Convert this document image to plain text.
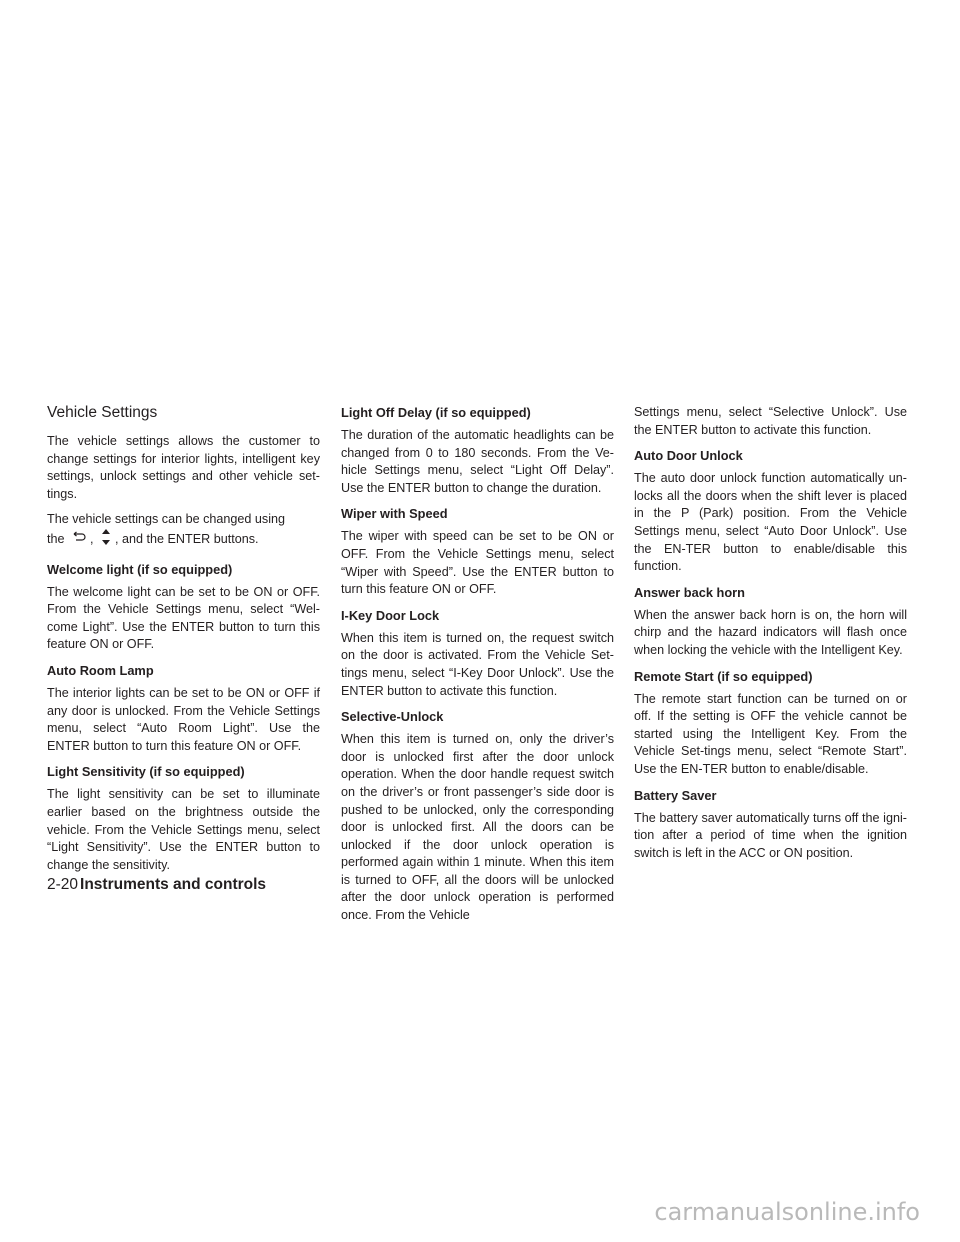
Vehicle Settings

The vehicle settings allows the customer to change settings for interior lights, intelligent key settings, unlock settings and other vehicle set-tings.

The vehicle settings can be changed using
the , , and the ENTER buttons.

Welcome light (if so equipped)

The welcome light can be set to be ON or OFF. From the Vehicle Settings menu, select “Wel-come Light”. Use the ENTER button to turn this feature ON or OFF.

Auto Room Lamp

The interior lights can be set to be ON or OFF if any door is unlocked. From the Vehicle Settings menu, select “Auto Room Light”. Use the ENTER button to turn this feature ON or OFF.

Light Sensitivity (if so equipped)

The light sensitivity can be set to illuminate earlier based on the brightness outside the vehicle. From the Vehicle Settings menu, select “Light Sensitivity”. Use the ENTER button to change the sensitivity.

Light Off Delay (if so equipped)

The duration of the automatic headlights can be changed from 0 to 180 seconds. From the Ve-hicle Settings menu, select “Light Off Delay”. Use the ENTER button to change the duration.

Wiper with Speed

The wiper with speed can be set to be ON or OFF. From the Vehicle Settings menu, select “Wiper with Speed”. Use the ENTER button to turn this feature ON or OFF.

I-Key Door Lock

When this item is turned on, the request switch on the door is activated. From the Vehicle Set-tings menu, select “I-Key Door Unlock”. Use the ENTER button to activate this function.

Selective-Unlock

When this item is turned on, only the driver’s door is unlocked first after the door unlock operation. When the door handle request switch on the driver’s or front passenger’s side door is pushed to be unlocked, only the corresponding door is unlocked first. All the doors can be unlocked if the door unlock operation is performed again within 1 minute. When this item is turned to OFF, all the doors will be unlocked after the door unlock operation is performed once. From the Vehicle

Settings menu, select “Selective Unlock”. Use the ENTER button to activate this function.

Auto Door Unlock

The auto door unlock function automatically un-locks all the doors when the shift lever is placed in the P (Park) position. From the Vehicle Settings menu, select “Auto Door Unlock”. Use the EN-TER button to enable/disable this function.

Answer back horn

When the answer back horn is on, the horn will chirp and the hazard indicators will flash once when locking the vehicle with the Intelligent Key.

Remote Start (if so equipped)

The remote start function can be turned on or off. If the setting is OFF the vehicle cannot be started using the Intelligent Key. From the Vehicle Set-tings menu, select “Remote Start”. Use the EN-TER button to enable/disable.

Battery Saver

The battery saver automatically turns off the igni-tion after a period of time when the ignition switch is left in the ACC or ON position.

2-20 Instruments and controls
carmanualsonline.info
